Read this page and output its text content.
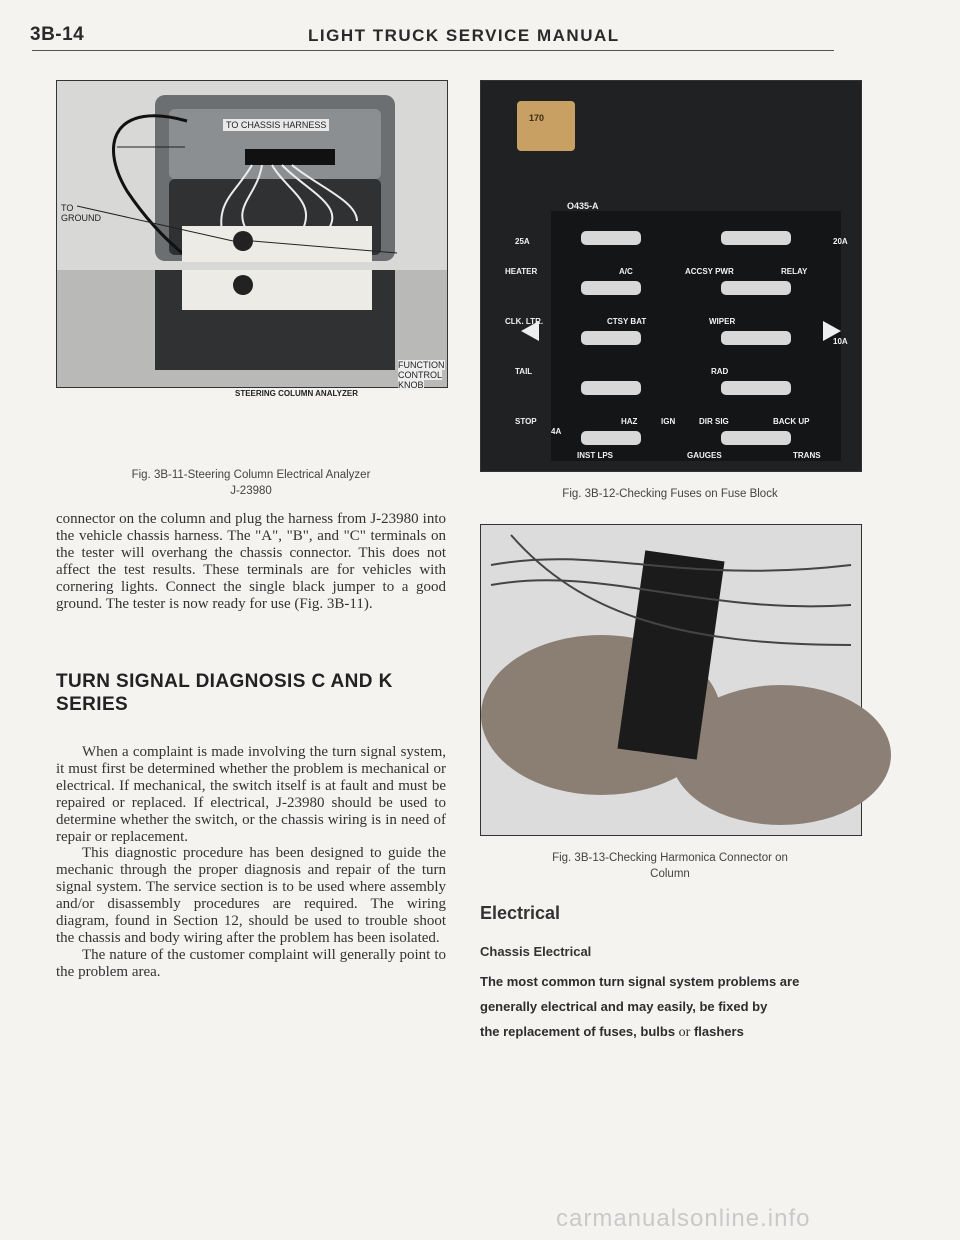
3B-14	LIGHT TRUCK SERVICE MANUAL
TO CHASSIS HARNESS
TO
GROUND
STEERING COLUMN ANALYZER
FUNCTION
CONTROL
KNOB
Fig. 3B-11-Steering Column Electrical Analyzer
J-23980
170
O435-A
HEATER	A/C	ACCSY PWR	RELAY
CLK. LTR.	CTSY BAT	WIPER
TAIL	RAD
STOP	HAZ	IGN	DIR SIG	BACK UP
INST LPS	GAUGES	TRANS
25A	20A
10A
4A
Fig. 3B-12-Checking Fuses on Fuse Block
Fig. 3B-13-Checking Harmonica Connector on
Column

connector on the column and plug the harness from J-23980 into the vehicle chassis harness. The "A", "B", and "C" terminals on the tester will overhang the chassis connector. This does not affect the test results. These terminals are for vehicles with cornering lights. Connect the single black jumper to a good ground. The tester is now ready for use (Fig. 3B-11).

TURN SIGNAL DIAGNOSIS C AND K
SERIES

When a complaint is made involving the turn signal system, it must first be determined whether the problem is mechanical or electrical. If mechanical, the switch itself is at fault and must be repaired or replaced. If electrical, J-23980 should be used to determine whether the switch, or the chassis wiring is in need of repair or replacement.

This diagnostic procedure has been designed to guide the mechanic through the proper diagnosis and repair of the turn signal system. The service section is to be used where assembly and/or disassembly procedures are required. The wiring diagram, found in Section 12, should be used to trouble shoot the chassis and body wiring after the problem has been isolated.

The nature of the customer complaint will generally point to the problem area.

Electrical
Chassis Electrical
The most common turn signal system problems are
generally electrical and may easily, be fixed by
the replacement of fuses, bulbs or flashers
carmanualsonline.info
